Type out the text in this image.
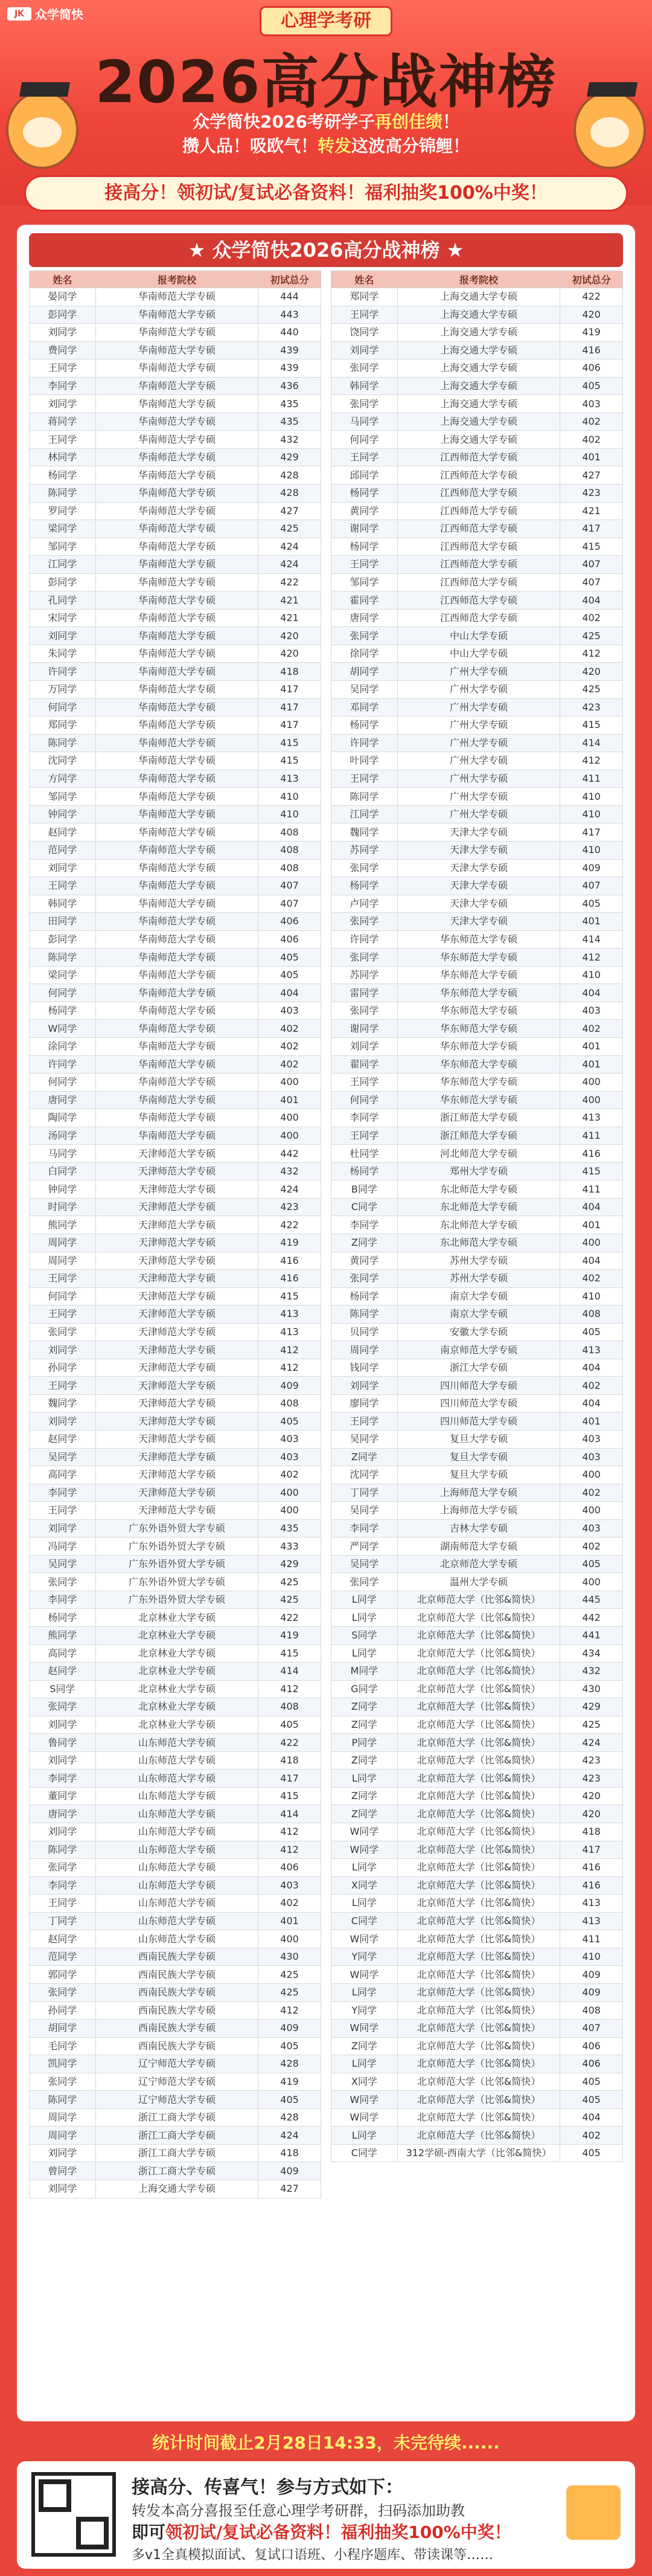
JK 众学简快	心理学考研
2026高分战神榜
众学简快2026考研学子再创佳绩！
攒人品！吸欧气！转发这波高分锦鲤！
接高分！领初试/复试必备资料！福利抽奖100%中奖！
★ 众学简快2026高分战神榜 ★
姓名	报考院校	初试总分
晏同学	华南师范大学专硕	444
彭同学	华南师范大学专硕	443
刘同学	华南师范大学专硕	440
费同学	华南师范大学专硕	439
王同学	华南师范大学专硕	439
李同学	华南师范大学专硕	436
刘同学	华南师范大学专硕	435
蒋同学	华南师范大学专硕	435
王同学	华南师范大学专硕	432
林同学	华南师范大学专硕	429
杨同学	华南师范大学专硕	428
陈同学	华南师范大学专硕	428
罗同学	华南师范大学专硕	427
梁同学	华南师范大学专硕	425
邹同学	华南师范大学专硕	424
江同学	华南师范大学专硕	424
彭同学	华南师范大学专硕	422
孔同学	华南师范大学专硕	421
宋同学	华南师范大学专硕	421
刘同学	华南师范大学专硕	420
朱同学	华南师范大学专硕	420
许同学	华南师范大学专硕	418
万同学	华南师范大学专硕	417
何同学	华南师范大学专硕	417
郑同学	华南师范大学专硕	417
陈同学	华南师范大学专硕	415
沈同学	华南师范大学专硕	415
方同学	华南师范大学专硕	413
邹同学	华南师范大学专硕	410
钟同学	华南师范大学专硕	410
赵同学	华南师范大学专硕	408
范同学	华南师范大学专硕	408
刘同学	华南师范大学专硕	408
王同学	华南师范大学专硕	407
韩同学	华南师范大学专硕	407
田同学	华南师范大学专硕	406
彭同学	华南师范大学专硕	406
陈同学	华南师范大学专硕	405
梁同学	华南师范大学专硕	405
何同学	华南师范大学专硕	404
杨同学	华南师范大学专硕	403
W同学	华南师范大学专硕	402
涂同学	华南师范大学专硕	402
许同学	华南师范大学专硕	402
何同学	华南师范大学专硕	400
唐同学	华南师范大学专硕	401
陶同学	华南师范大学专硕	400
汤同学	华南师范大学专硕	400
马同学	天津师范大学专硕	442
白同学	天津师范大学专硕	432
钟同学	天津师范大学专硕	424
时同学	天津师范大学专硕	423
熊同学	天津师范大学专硕	422
周同学	天津师范大学专硕	419
周同学	天津师范大学专硕	416
王同学	天津师范大学专硕	416
何同学	天津师范大学专硕	415
王同学	天津师范大学专硕	413
张同学	天津师范大学专硕	413
刘同学	天津师范大学专硕	412
孙同学	天津师范大学专硕	412
王同学	天津师范大学专硕	409
魏同学	天津师范大学专硕	408
刘同学	天津师范大学专硕	405
赵同学	天津师范大学专硕	403
吴同学	天津师范大学专硕	403
高同学	天津师范大学专硕	402
李同学	天津师范大学专硕	400
王同学	天津师范大学专硕	400
刘同学	广东外语外贸大学专硕	435
冯同学	广东外语外贸大学专硕	433
吴同学	广东外语外贸大学专硕	429
张同学	广东外语外贸大学专硕	425
李同学	广东外语外贸大学专硕	425
杨同学	北京林业大学专硕	422
熊同学	北京林业大学专硕	419
高同学	北京林业大学专硕	415
赵同学	北京林业大学专硕	414
S同学	北京林业大学专硕	412
张同学	北京林业大学专硕	408
刘同学	北京林业大学专硕	405
鲁同学	山东师范大学专硕	422
刘同学	山东师范大学专硕	418
李同学	山东师范大学专硕	417
董同学	山东师范大学专硕	415
唐同学	山东师范大学专硕	414
刘同学	山东师范大学专硕	412
陈同学	山东师范大学专硕	412
张同学	山东师范大学专硕	406
李同学	山东师范大学专硕	403
王同学	山东师范大学专硕	402
丁同学	山东师范大学专硕	401
赵同学	山东师范大学专硕	400
范同学	西南民族大学专硕	430
郭同学	西南民族大学专硕	425
张同学	西南民族大学专硕	425
孙同学	西南民族大学专硕	412
胡同学	西南民族大学专硕	409
毛同学	西南民族大学专硕	405
凯同学	辽宁师范大学专硕	428
张同学	辽宁师范大学专硕	419
陈同学	辽宁师范大学专硕	405
周同学	浙江工商大学专硕	428
周同学	浙江工商大学专硕	424
刘同学	浙江工商大学专硕	418
曾同学	浙江工商大学专硕	409
刘同学	上海交通大学专硕	427
姓名	报考院校	初试总分
郑同学	上海交通大学专硕	422
王同学	上海交通大学专硕	420
饶同学	上海交通大学专硕	419
刘同学	上海交通大学专硕	416
张同学	上海交通大学专硕	406
韩同学	上海交通大学专硕	405
张同学	上海交通大学专硕	403
马同学	上海交通大学专硕	402
何同学	上海交通大学专硕	402
王同学	江西师范大学专硕	401
邱同学	江西师范大学专硕	427
杨同学	江西师范大学专硕	423
黄同学	江西师范大学专硕	421
谢同学	江西师范大学专硕	417
杨同学	江西师范大学专硕	415
王同学	江西师范大学专硕	407
邹同学	江西师范大学专硕	407
霍同学	江西师范大学专硕	404
唐同学	江西师范大学专硕	402
张同学	中山大学专硕	425
徐同学	中山大学专硕	412
胡同学	广州大学专硕	420
吴同学	广州大学专硕	425
邓同学	广州大学专硕	423
杨同学	广州大学专硕	415
许同学	广州大学专硕	414
叶同学	广州大学专硕	412
王同学	广州大学专硕	411
陈同学	广州大学专硕	410
江同学	广州大学专硕	410
魏同学	天津大学专硕	417
苏同学	天津大学专硕	410
张同学	天津大学专硕	409
杨同学	天津大学专硕	407
卢同学	天津大学专硕	405
张同学	天津大学专硕	401
许同学	华东师范大学专硕	414
张同学	华东师范大学专硕	412
苏同学	华东师范大学专硕	410
雷同学	华东师范大学专硕	404
张同学	华东师范大学专硕	403
谢同学	华东师范大学专硕	402
刘同学	华东师范大学专硕	401
翟同学	华东师范大学专硕	401
王同学	华东师范大学专硕	400
何同学	华东师范大学专硕	400
李同学	浙江师范大学专硕	413
王同学	浙江师范大学专硕	411
杜同学	河北师范大学专硕	416
杨同学	郑州大学专硕	415
B同学	东北师范大学专硕	411
C同学	东北师范大学专硕	404
李同学	东北师范大学专硕	401
Z同学	东北师范大学专硕	400
黄同学	苏州大学专硕	404
张同学	苏州大学专硕	402
杨同学	南京大学专硕	410
陈同学	南京大学专硕	408
贝同学	安徽大学专硕	405
周同学	南京师范大学专硕	413
钱同学	浙江大学专硕	404
刘同学	四川师范大学专硕	402
廖同学	四川师范大学专硕	404
王同学	四川师范大学专硕	401
吴同学	复旦大学专硕	403
Z同学	复旦大学专硕	403
沈同学	复旦大学专硕	400
丁同学	上海师范大学专硕	402
吴同学	上海师范大学专硕	400
李同学	吉林大学专硕	403
严同学	湖南师范大学专硕	402
吴同学	北京师范大学专硕	405
张同学	温州大学专硕	400
L同学	北京师范大学（比邻&简快）	445
L同学	北京师范大学（比邻&简快）	442
S同学	北京师范大学（比邻&简快）	441
L同学	北京师范大学（比邻&简快）	434
M同学	北京师范大学（比邻&简快）	432
G同学	北京师范大学（比邻&简快）	430
Z同学	北京师范大学（比邻&简快）	429
Z同学	北京师范大学（比邻&简快）	425
P同学	北京师范大学（比邻&简快）	424
Z同学	北京师范大学（比邻&简快）	423
L同学	北京师范大学（比邻&简快）	423
Z同学	北京师范大学（比邻&简快）	420
Z同学	北京师范大学（比邻&简快）	420
W同学	北京师范大学（比邻&简快）	418
W同学	北京师范大学（比邻&简快）	417
L同学	北京师范大学（比邻&简快）	416
X同学	北京师范大学（比邻&简快）	416
L同学	北京师范大学（比邻&简快）	413
C同学	北京师范大学（比邻&简快）	413
W同学	北京师范大学（比邻&简快）	411
Y同学	北京师范大学（比邻&简快）	410
W同学	北京师范大学（比邻&简快）	409
L同学	北京师范大学（比邻&简快）	409
Y同学	北京师范大学（比邻&简快）	408
W同学	北京师范大学（比邻&简快）	407
Z同学	北京师范大学（比邻&简快）	406
L同学	北京师范大学（比邻&简快）	406
X同学	北京师范大学（比邻&简快）	405
W同学	北京师范大学（比邻&简快）	405
W同学	北京师范大学（比邻&简快）	404
L同学	北京师范大学（比邻&简快）	402
C同学	312学硕-西南大学（比邻&简快）	405
统计时间截止2月28日14:33，未完待续......
接高分、传喜气！参与方式如下：
转发本高分喜报至任意心理学考研群，扫码添加助教
即可领初试/复试必备资料！福利抽奖100%中奖！
多v1全真模拟面试、复试口语班、小程序题库、带读课等……
